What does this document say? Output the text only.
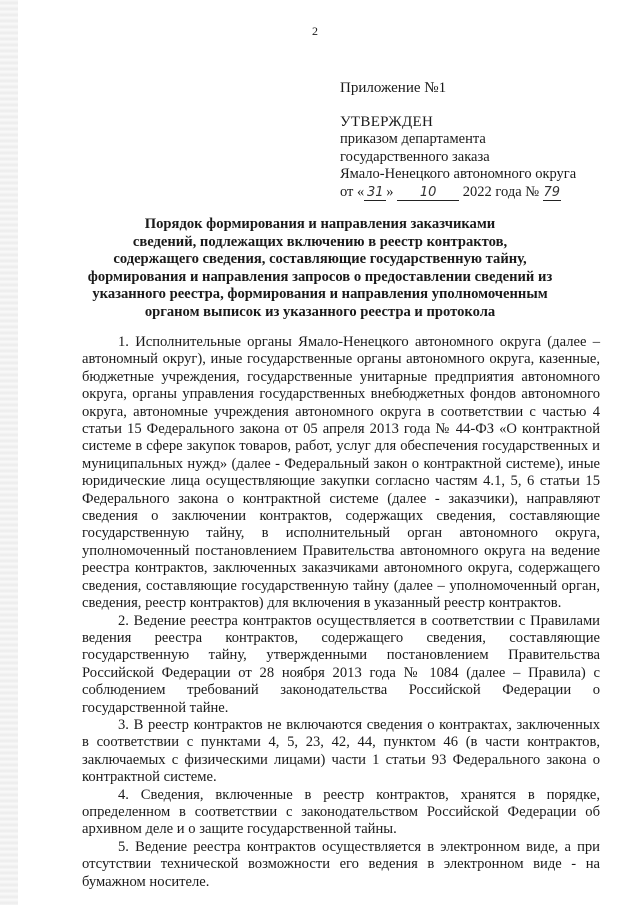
2
Приложение №1
УТВЕРЖДЕН
приказом департамента
государственного заказа
Ямало-Ненецкого автономного округа
от « 31 » 10 2022 года № 79
Порядок формирования и направления заказчиками
сведений, подлежащих включению в реестр контрактов,
содержащего сведения, составляющие государственную тайну,
формирования и направления запросов о предоставлении сведений из
указанного реестра, формирования и направления уполномоченным
органом выписок из указанного реестра и протокола

1. Исполнительные органы Ямало-Ненецкого автономного округа (далее – автономный округ), иные государственные органы автономного округа, казенные, бюджетные учреждения, государственные унитарные предприятия автономного округа, органы управления государственных внебюджетных фондов автономного округа, автономные учреждения автономного округа в соответствии с частью 4 статьи 15 Федерального закона от 05 апреля 2013 года № 44-ФЗ «О контрактной системе в сфере закупок товаров, работ, услуг для обеспечения государственных и муниципальных нужд» (далее - Федеральный закон о контрактной системе), иные юридические лица осуществляющие закупки согласно частям 4.1, 5, 6 статьи 15 Федерального закона о контрактной системе (далее - заказчики), направляют сведения о заключении контрактов, содержащих сведения, составляющие государственную тайну, в исполнительный орган автономного округа, уполномоченный постановлением Правительства автономного округа на ведение реестра контрактов, заключенных заказчиками автономного округа, содержащего сведения, составляющие государственную тайну (далее – уполномоченный орган, сведения, реестр контрактов) для включения в указанный реестр контрактов.

2. Ведение реестра контрактов осуществляется в соответствии с Правилами ведения реестра контрактов, содержащего сведения, составляющие государственную тайну, утвержденными постановлением Правительства Российской Федерации от 28 ноября 2013 года № 1084 (далее – Правила) с соблюдением требований законодательства Российской Федерации о государственной тайне.

3. В реестр контрактов не включаются сведения о контрактах, заключенных в соответствии с пунктами 4, 5, 23, 42, 44, пунктом 46 (в части контрактов, заключаемых с физическими лицами) части 1 статьи 93 Федерального закона о контрактной системе.

4. Сведения, включенные в реестр контрактов, хранятся в порядке, определенном в соответствии с законодательством Российской Федерации об архивном деле и о защите государственной тайны.

5. Ведение реестра контрактов осуществляется в электронном виде, а при отсутствии технической возможности его ведения в электронном виде - на бумажном носителе.
